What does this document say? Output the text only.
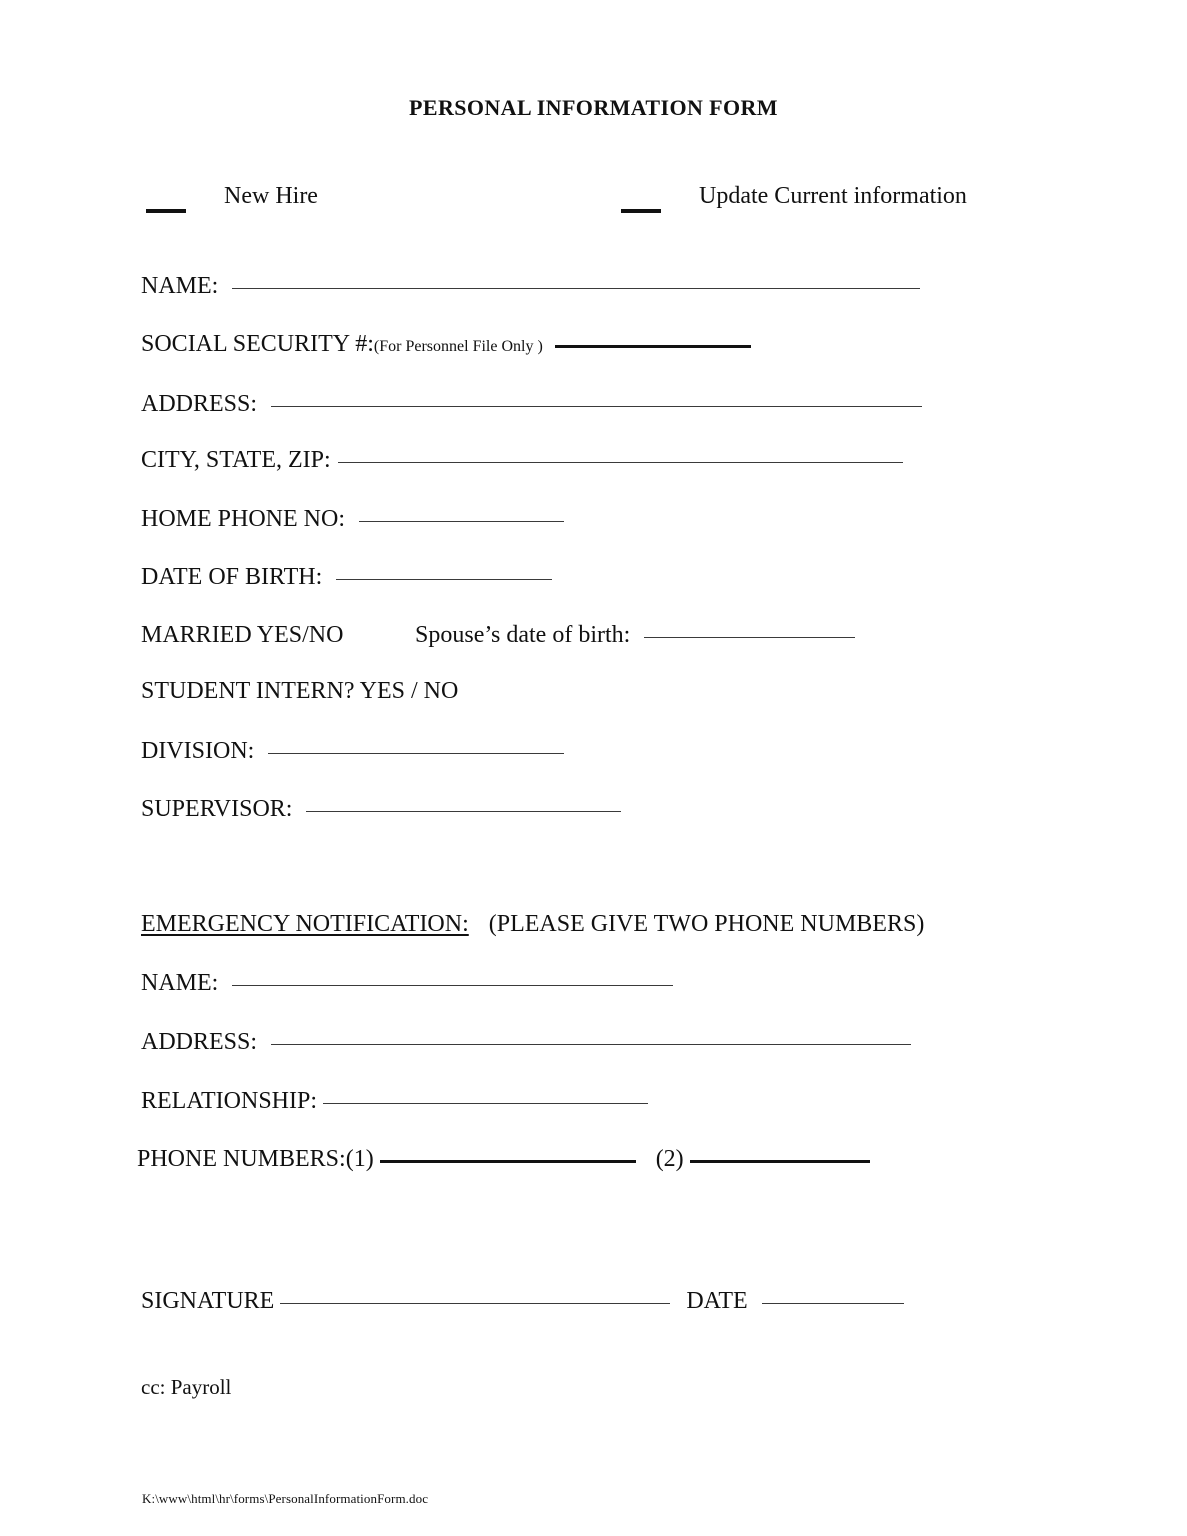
PERSONAL INFORMATION FORM
New Hire	Update Current information
NAME:
SOCIAL SECURITY #:(For Personnel File Only )
ADDRESS:
CITY, STATE, ZIP:
HOME PHONE NO:
DATE OF BIRTH:
MARRIED YES/NO	Spouse’s date of birth:
STUDENT INTERN? YES / NO
DIVISION:
SUPERVISOR:
EMERGENCY NOTIFICATION: (PLEASE GIVE TWO PHONE NUMBERS)
NAME:
ADDRESS:
RELATIONSHIP:
PHONE NUMBERS:(1)	(2)
SIGNATURE	DATE
cc: Payroll
K:\www\html\hr\forms\PersonalInformationForm.doc
